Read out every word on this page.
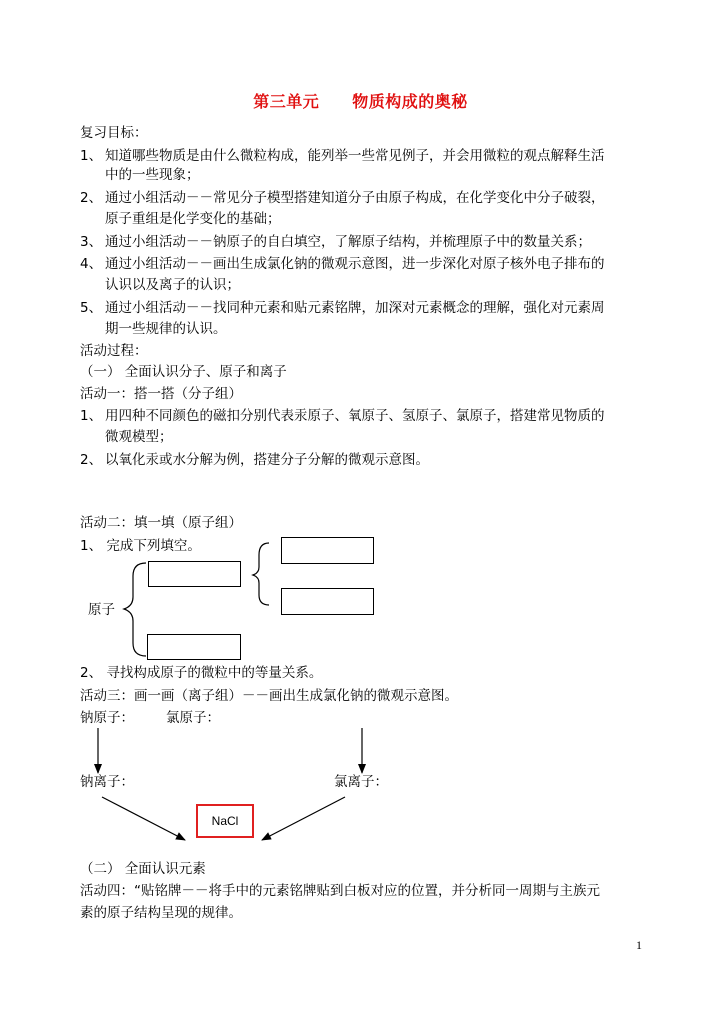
第三单元　　物质构成的奥秘
复习目标：
1、 知道哪些物质是由什么微粒构成，能列举一些常见例子，并会用微粒的观点解释生活
中的一些现象；
2、 通过小组活动－－常见分子模型搭建知道分子由原子构成，在化学变化中分子破裂，
原子重组是化学变化的基础；
3、 通过小组活动－－钠原子的自白填空，了解原子结构，并梳理原子中的数量关系；
4、 通过小组活动－－画出生成氯化钠的微观示意图，进一步深化对原子核外电子排布的
认识以及离子的认识；
5、 通过小组活动－－找同种元素和贴元素铭牌，加深对元素概念的理解，强化对元素周
期一些规律的认识。
活动过程：
（一） 全面认识分子、原子和离子
活动一：搭一搭（分子组）
1、 用四种不同颜色的磁扣分别代表汞原子、氧原子、氢原子、氯原子，搭建常见物质的
微观模型；
2、 以氧化汞或水分解为例，搭建分子分解的微观示意图。
活动二：填一填（原子组）
1、 完成下列填空。
原子
2、 寻找构成原子的微粒中的等量关系。
活动三：画一画（离子组）－－画出生成氯化钠的微观示意图。
钠原子： 氯原子：
钠离子：	氯离子：
NaCl
（二） 全面认识元素
活动四：“贴铭牌－－将手中的元素铭牌贴到白板对应的位置，并分析同一周期与主族元
素的原子结构呈现的规律。
1
